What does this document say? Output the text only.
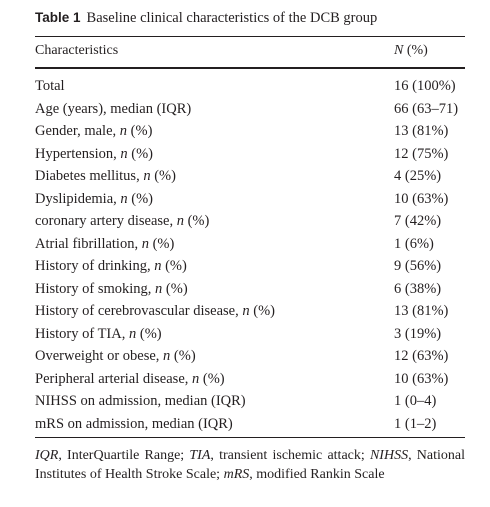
Table 1 Baseline clinical characteristics of the DCB group
Characteristics	N (%)
Total	16 (100%)
Age (years), median (IQR)	66 (63–71)
Gender, male, n (%)	13 (81%)
Hypertension, n (%)	12 (75%)
Diabetes mellitus, n (%)	4 (25%)
Dyslipidemia, n (%)	10 (63%)
coronary artery disease, n (%)	7 (42%)
Atrial fibrillation, n (%)	1 (6%)
History of drinking, n (%)	9 (56%)
History of smoking, n (%)	6 (38%)
History of cerebrovascular disease, n (%)	13 (81%)
History of TIA, n (%)	3 (19%)
Overweight or obese, n (%)	12 (63%)
Peripheral arterial disease, n (%)	10 (63%)
NIHSS on admission, median (IQR)	1 (0–4)
mRS on admission, median (IQR)	1 (1–2)
IQR, InterQuartile Range; TIA, transient ischemic attack; NIHSS, National Institutes of Health Stroke Scale; mRS, modified Rankin Scale
